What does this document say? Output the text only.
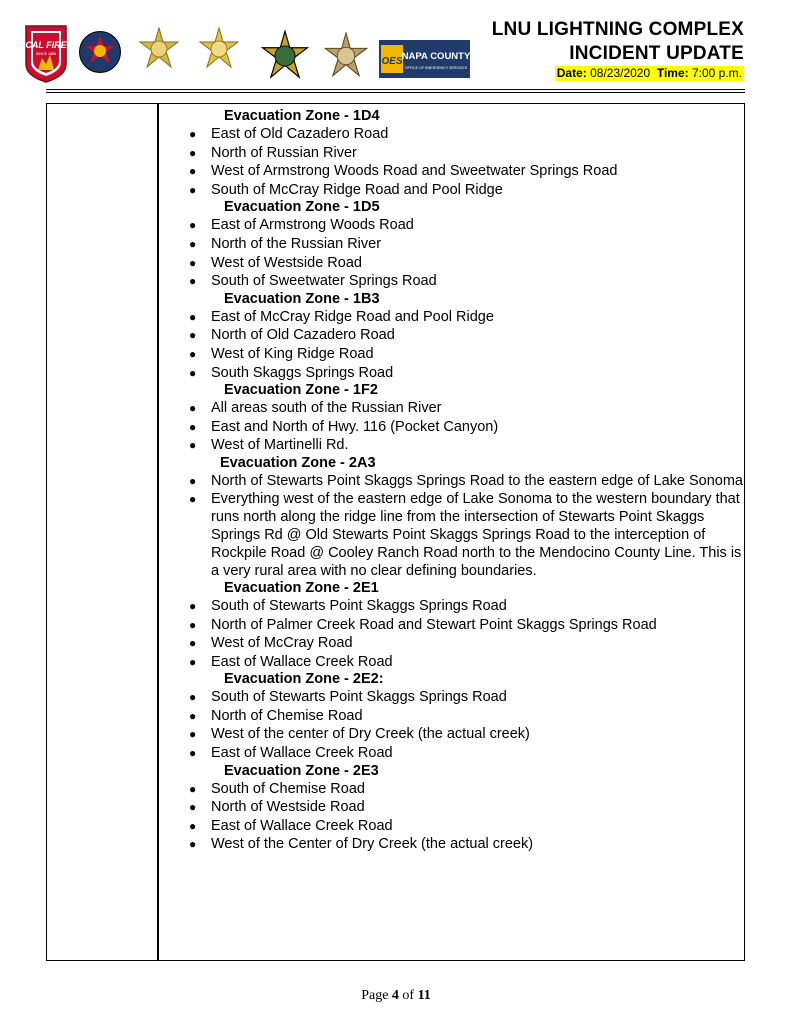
CAL FIRE
SINCE 1885
OES NAPA COUNTY
OFFICE OF EMERGENCY SERVICES
LNU LIGHTNING COMPLEX
INCIDENT UPDATE
Date: 08/23/2020 Time: 7:00 p.m.
Evacuation Zone - 1D4
● East of Old Cazadero Road
● North of Russian River
● West of Armstrong Woods Road and Sweetwater Springs Road
● South of McCray Ridge Road and Pool Ridge
Evacuation Zone - 1D5
● East of Armstrong Woods Road
● North of the Russian River
● West of Westside Road
● South of Sweetwater Springs Road
Evacuation Zone - 1B3
● East of McCray Ridge Road and Pool Ridge
● North of Old Cazadero Road
● West of King Ridge Road
● South Skaggs Springs Road
Evacuation Zone - 1F2
● All areas south of the Russian River
● East and North of Hwy. 116 (Pocket Canyon)
● West of Martinelli Rd.
Evacuation Zone - 2A3
● North of Stewarts Point Skaggs Springs Road to the eastern edge of Lake Sonoma
● Everything west of the eastern edge of Lake Sonoma to the western boundary that runs north along the ridge line from the intersection of Stewarts Point Skaggs Springs Rd @ Old Stewarts Point Skaggs Springs Road to the interception of Rockpile Road @ Cooley Ranch Road north to the Mendocino County Line. This is a very rural area with no clear defining boundaries.
Evacuation Zone - 2E1
● South of Stewarts Point Skaggs Springs Road
● North of Palmer Creek Road and Stewart Point Skaggs Springs Road
● West of McCray Road
● East of Wallace Creek Road
Evacuation Zone - 2E2:
● South of Stewarts Point Skaggs Springs Road
● North of Chemise Road
● West of the center of Dry Creek (the actual creek)
● East of Wallace Creek Road
Evacuation Zone - 2E3
● South of Chemise Road
● North of Westside Road
● East of Wallace Creek Road
● West of the Center of Dry Creek (the actual creek)
Page 4 of 11
